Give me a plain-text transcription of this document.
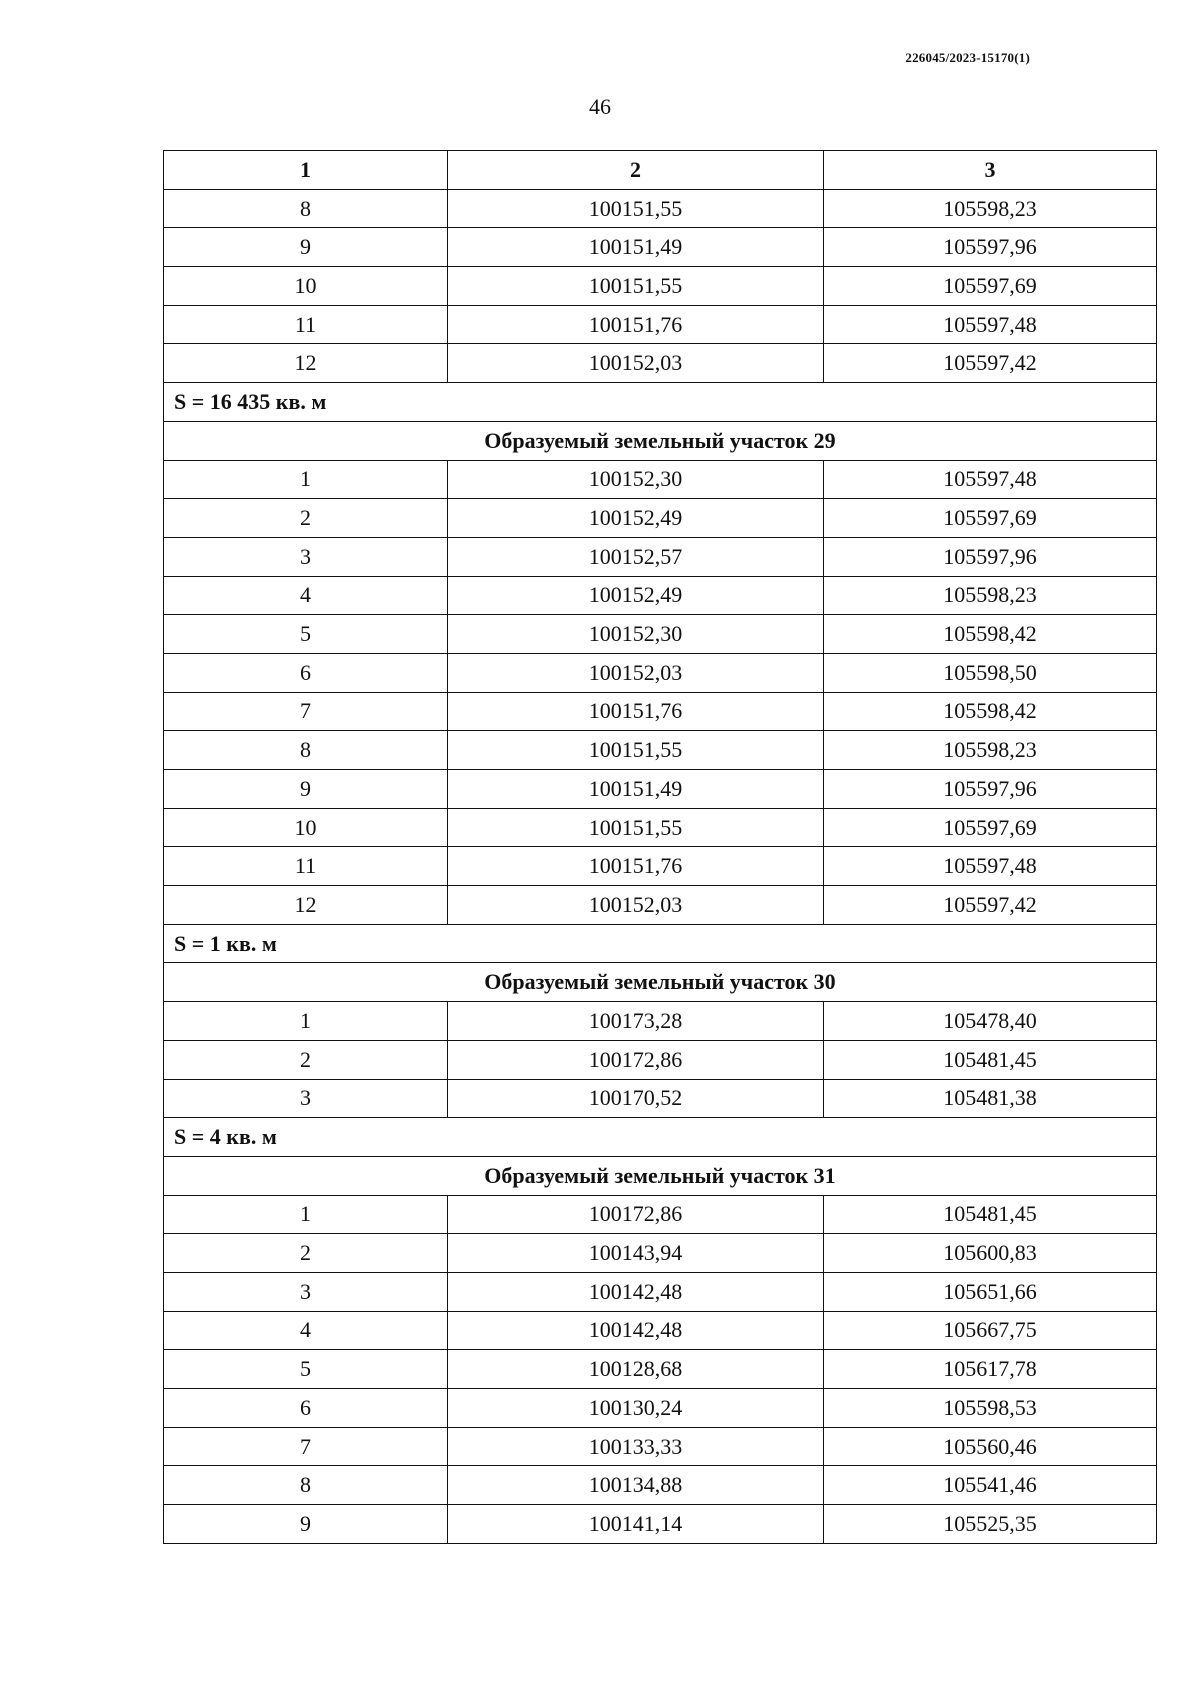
226045/2023-15170(1)
46
1	2	3
8	100151,55	105598,23
9	100151,49	105597,96
10	100151,55	105597,69
11	100151,76	105597,48
12	100152,03	105597,42
S = 16 435 кв. м		
Образуемый земельный участок 29		
1	100152,30	105597,48
2	100152,49	105597,69
3	100152,57	105597,96
4	100152,49	105598,23
5	100152,30	105598,42
6	100152,03	105598,50
7	100151,76	105598,42
8	100151,55	105598,23
9	100151,49	105597,96
10	100151,55	105597,69
11	100151,76	105597,48
12	100152,03	105597,42
S = 1 кв. м		
Образуемый земельный участок 30		
1	100173,28	105478,40
2	100172,86	105481,45
3	100170,52	105481,38
S = 4 кв. м		
Образуемый земельный участок 31		
1	100172,86	105481,45
2	100143,94	105600,83
3	100142,48	105651,66
4	100142,48	105667,75
5	100128,68	105617,78
6	100130,24	105598,53
7	100133,33	105560,46
8	100134,88	105541,46
9	100141,14	105525,35
